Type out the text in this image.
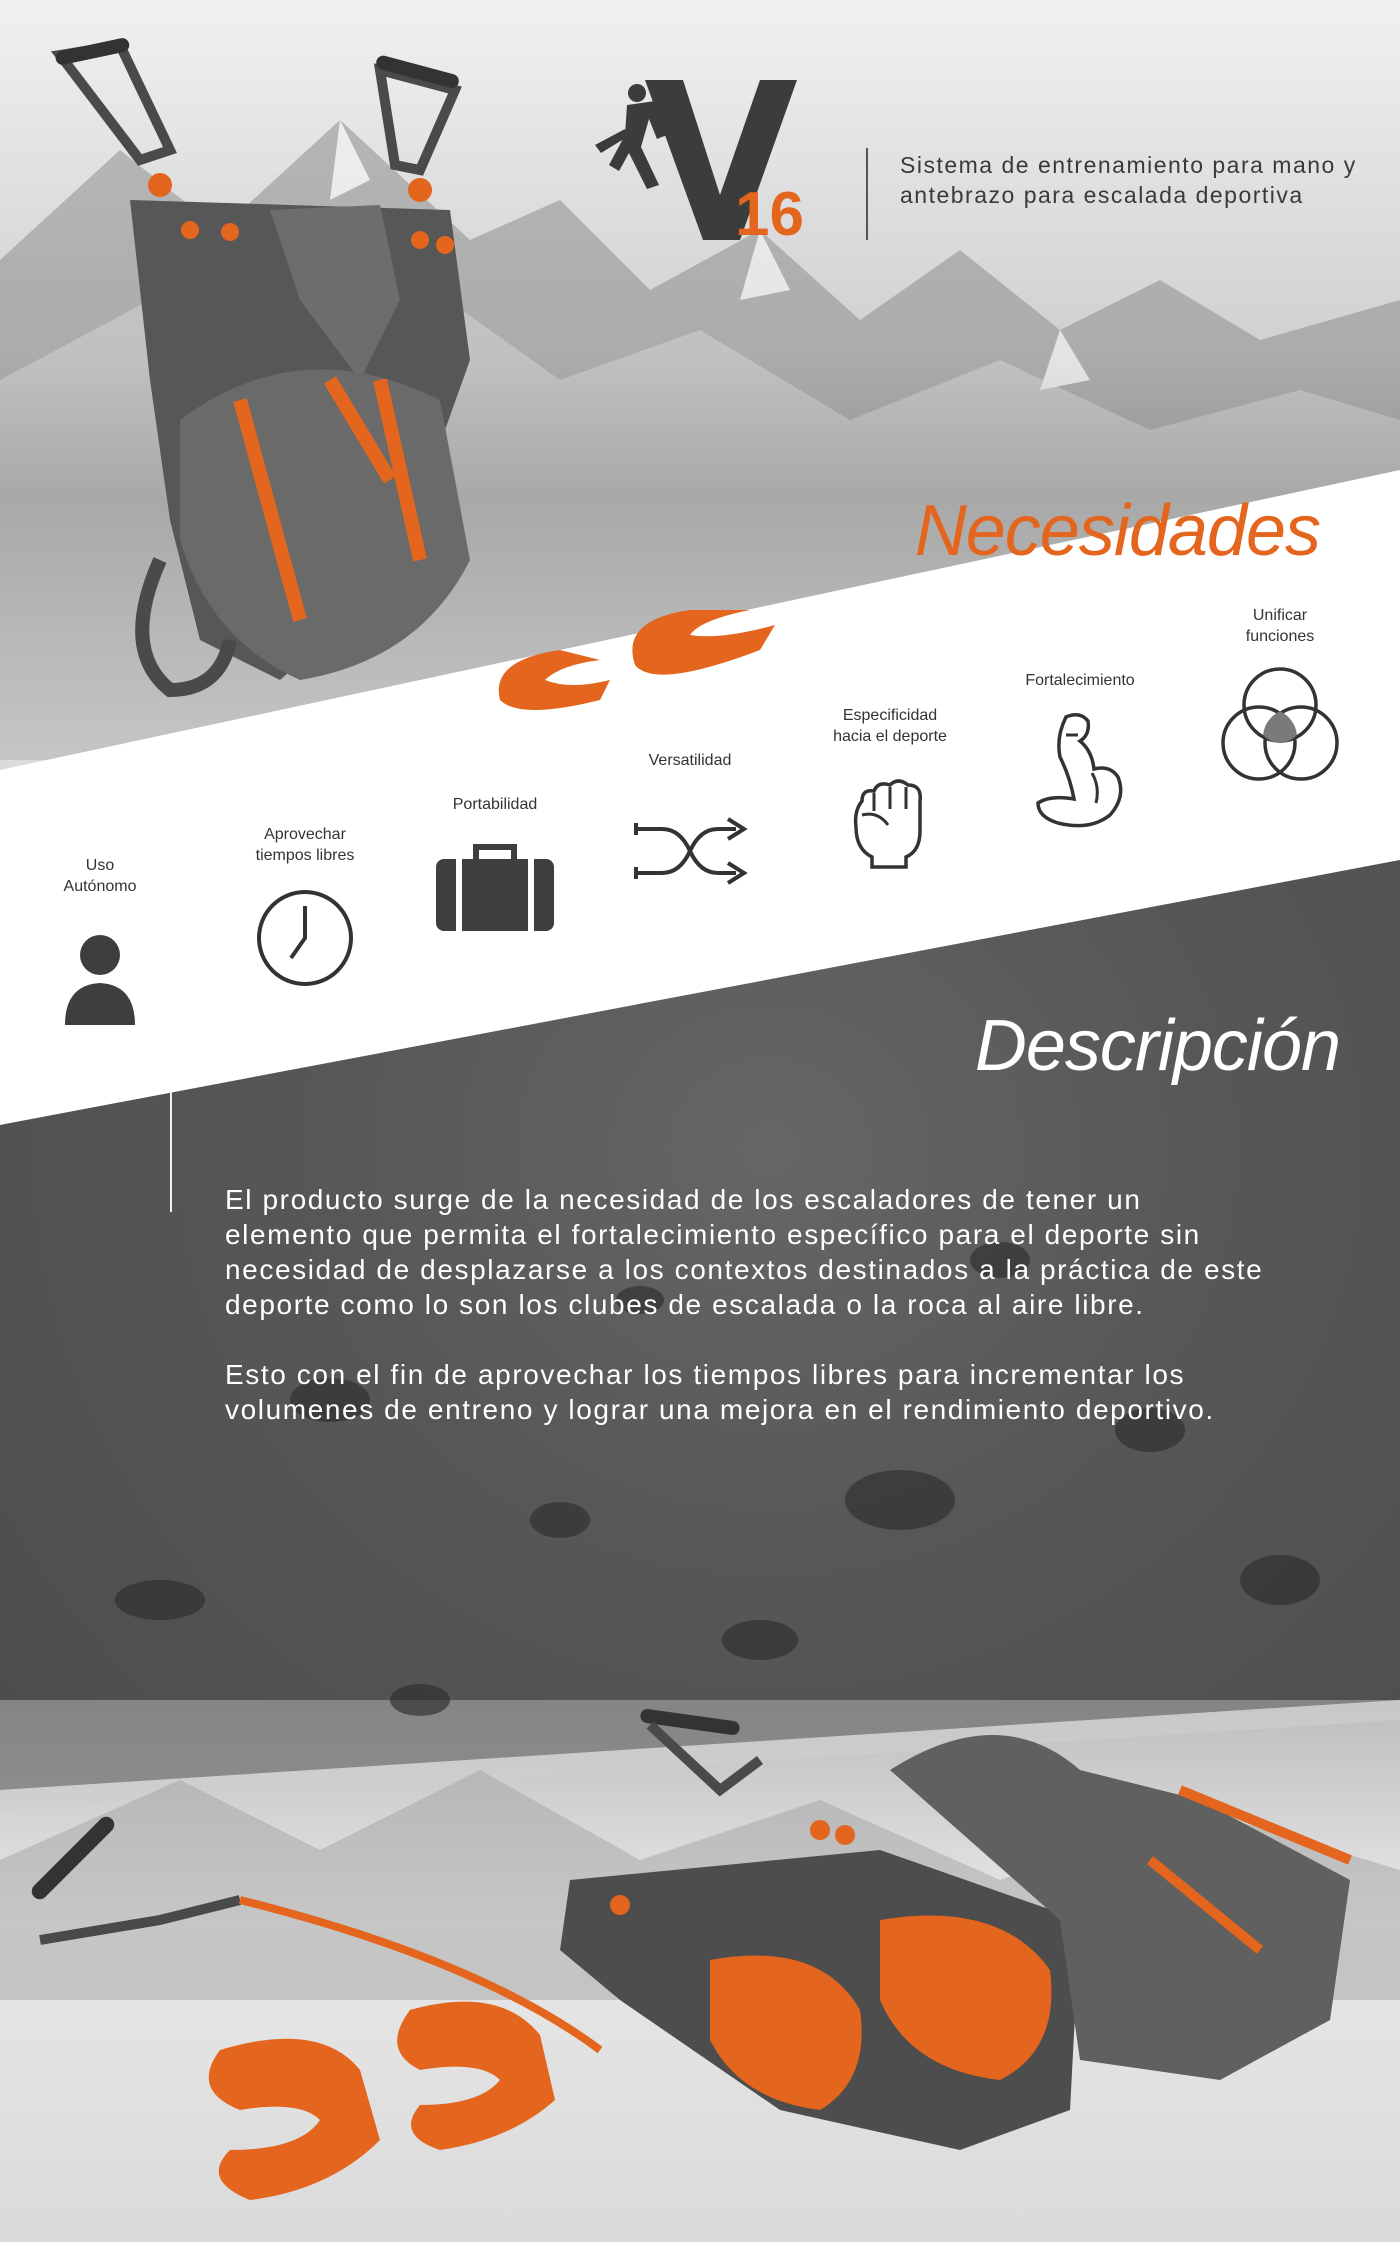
16
Sistema de entrenamiento para mano y antebrazo para escalada deportiva
Necesidades
Uso
Autónomo
Aprovechar
tiempos libres
Portabilidad
Versatilidad
Especificidad
hacia el deporte
Fortalecimiento
Unificar
funciones
Descripción

El producto surge de la necesidad de los escaladores de tener un elemento que permita el fortalecimiento específico para el deporte sin necesidad de desplazarse a los contextos destinados a la práctica de este deporte como lo son los clubes de escalada o la roca al aire libre.

Esto con el fin de aprovechar los tiempos libres para incrementar los volumenes de entreno y lograr una mejora en el rendimiento deportivo.
